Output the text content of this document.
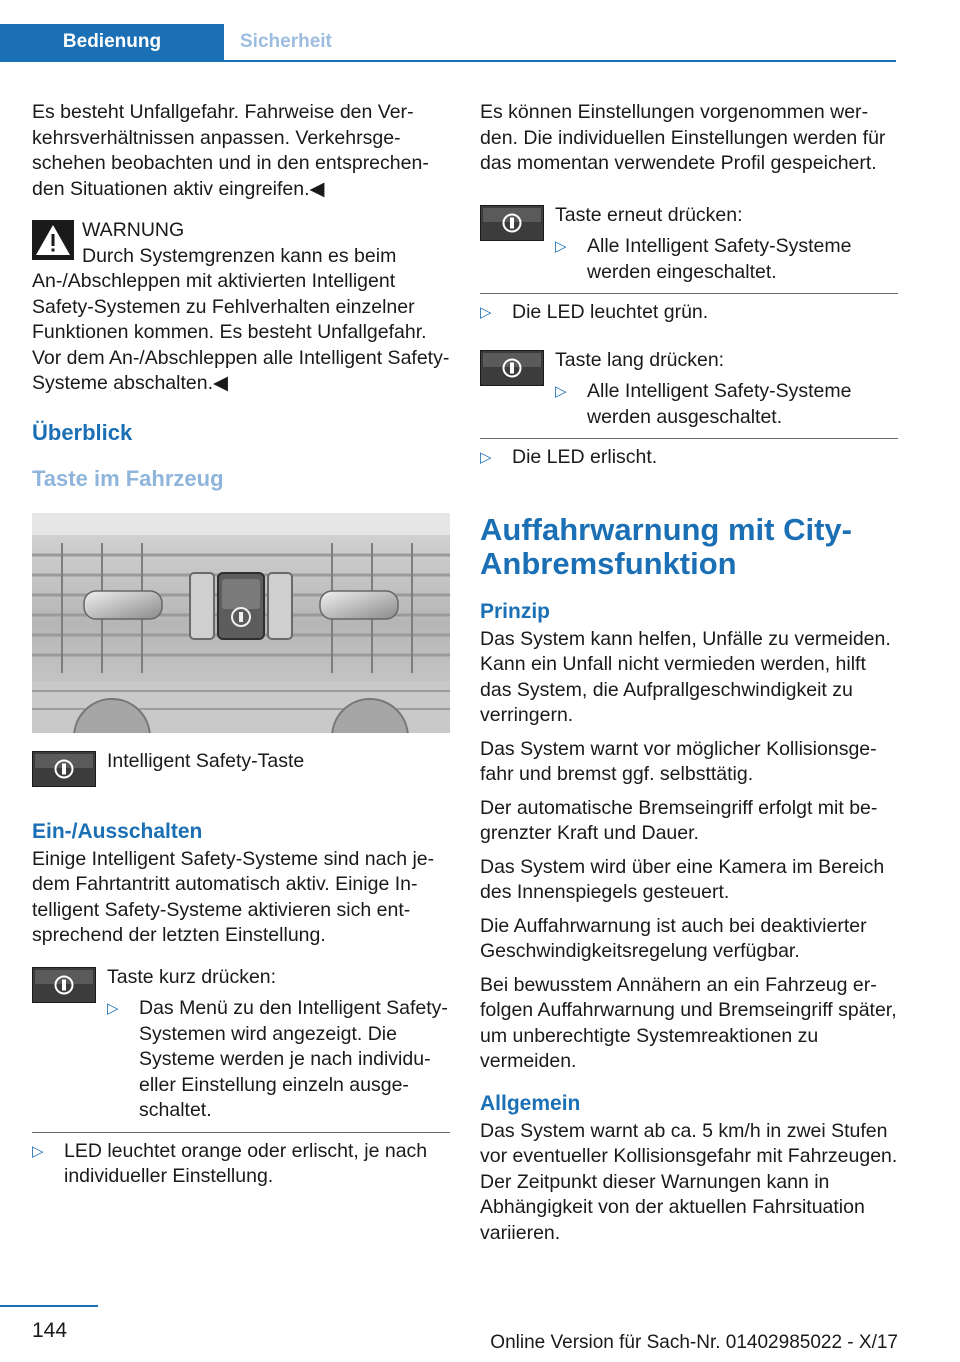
Bedienung	Sicherheit

Es besteht Unfallgefahr. Fahrweise den Verkehrsverhältnissen anpassen. Verkehrsgeschehen beobachten und in den entsprechenden Situationen aktiv eingreifen.◀

WARNUNG
Durch Systemgrenzen kann es beim An-/Abschleppen mit aktivierten Intelligent Safety-Systemen zu Fehlverhalten einzelner Funktionen kommen. Es besteht Unfallgefahr. Vor dem An-/Abschleppen alle Intelligent Safety-Systeme abschalten.◀
Überblick
Taste im Fahrzeug
Intelligent Safety-Taste
Ein-/Ausschalten

Einige Intelligent Safety-Systeme sind nach jedem Fahrtantritt automatisch aktiv. Einige Intelligent Safety-Systeme aktivieren sich entsprechend der letzten Einstellung.

Taste kurz drücken:
▷	Das Menü zu den Intelligent Safety-Systemen wird angezeigt. Die Systeme werden je nach individueller Einstellung einzeln ausgeschaltet.
▷	LED leuchtet orange oder erlischt, je nach individueller Einstellung.

Es können Einstellungen vorgenommen werden. Die individuellen Einstellungen werden für das momentan verwendete Profil gespeichert.

Taste erneut drücken:
▷	Alle Intelligent Safety-Systeme werden eingeschaltet.
▷	Die LED leuchtet grün.
Taste lang drücken:
▷	Alle Intelligent Safety-Systeme werden ausgeschaltet.
▷	Die LED erlischt.
Auffahrwarnung mit City-Anbremsfunktion
Prinzip

Das System kann helfen, Unfälle zu vermeiden. Kann ein Unfall nicht vermieden werden, hilft das System, die Aufprallgeschwindigkeit zu verringern.

Das System warnt vor möglicher Kollisionsgefahr und bremst ggf. selbsttätig.

Der automatische Bremseingriff erfolgt mit begrenzter Kraft und Dauer.

Das System wird über eine Kamera im Bereich des Innenspiegels gesteuert.

Die Auffahrwarnung ist auch bei deaktivierter Geschwindigkeitsregelung verfügbar.

Bei bewusstem Annähern an ein Fahrzeug erfolgen Auffahrwarnung und Bremseingriff später, um unberechtigte Systemreaktionen zu vermeiden.

Allgemein

Das System warnt ab ca. 5 km/h in zwei Stufen vor eventueller Kollisionsgefahr mit Fahrzeugen. Der Zeitpunkt dieser Warnungen kann in Abhängigkeit von der aktuellen Fahrsituation variieren.

144
Online Version für Sach-Nr. 01402985022 - X/17
